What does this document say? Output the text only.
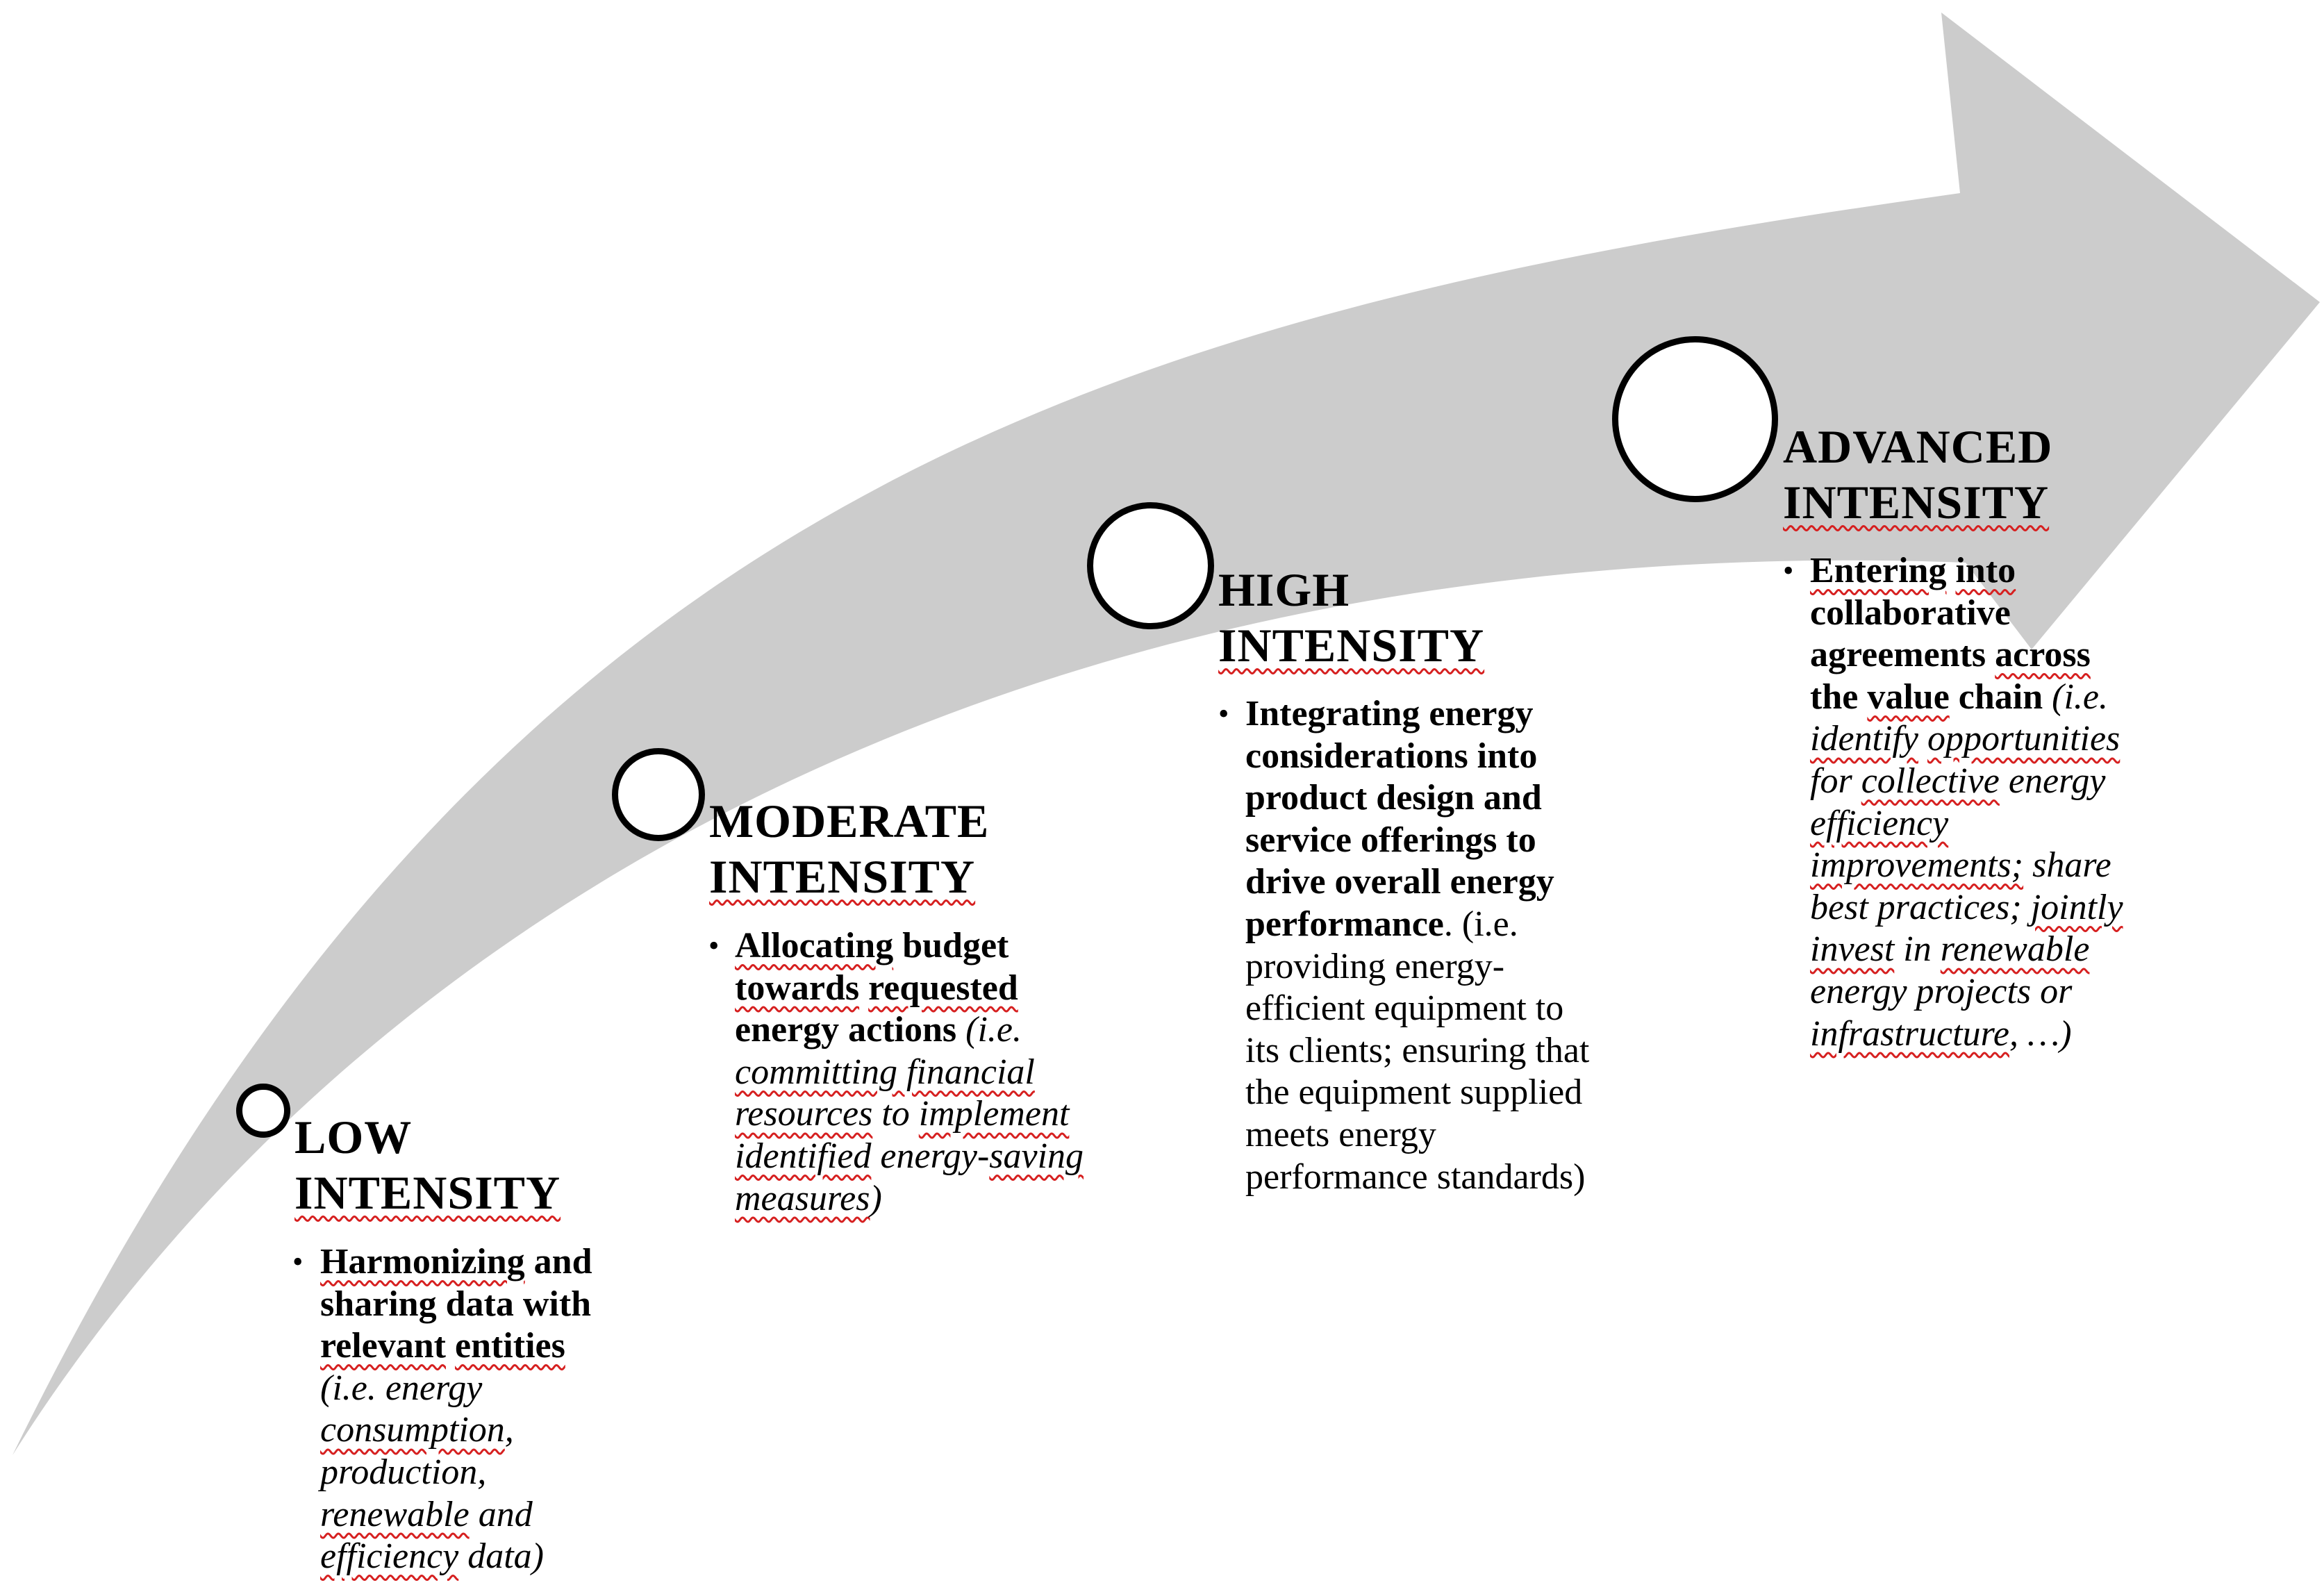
LOW
INTENSITY
• Harmonizing and
sharing data with
relevant entities
(i.e. energy
consumption,
production,
renewable and
efficiency data)
MODERATE
INTENSITY
• Allocating budget
towards requested
energy actions (i.e.
committing financial
resources to implement
identified energy-saving
measures)
HIGH
INTENSITY
• Integrating energy
considerations into
product design and
service offerings to
drive overall energy
performance. (i.e.
providing energy-
efficient equipment to
its clients; ensuring that
the equipment supplied
meets energy
performance standards)
ADVANCED
INTENSITY
• Entering into
collaborative
agreements across
the value chain (i.e.
identify opportunities
for collective energy
efficiency
improvements; share
best practices; jointly
invest in renewable
energy projects or
infrastructure, …)
